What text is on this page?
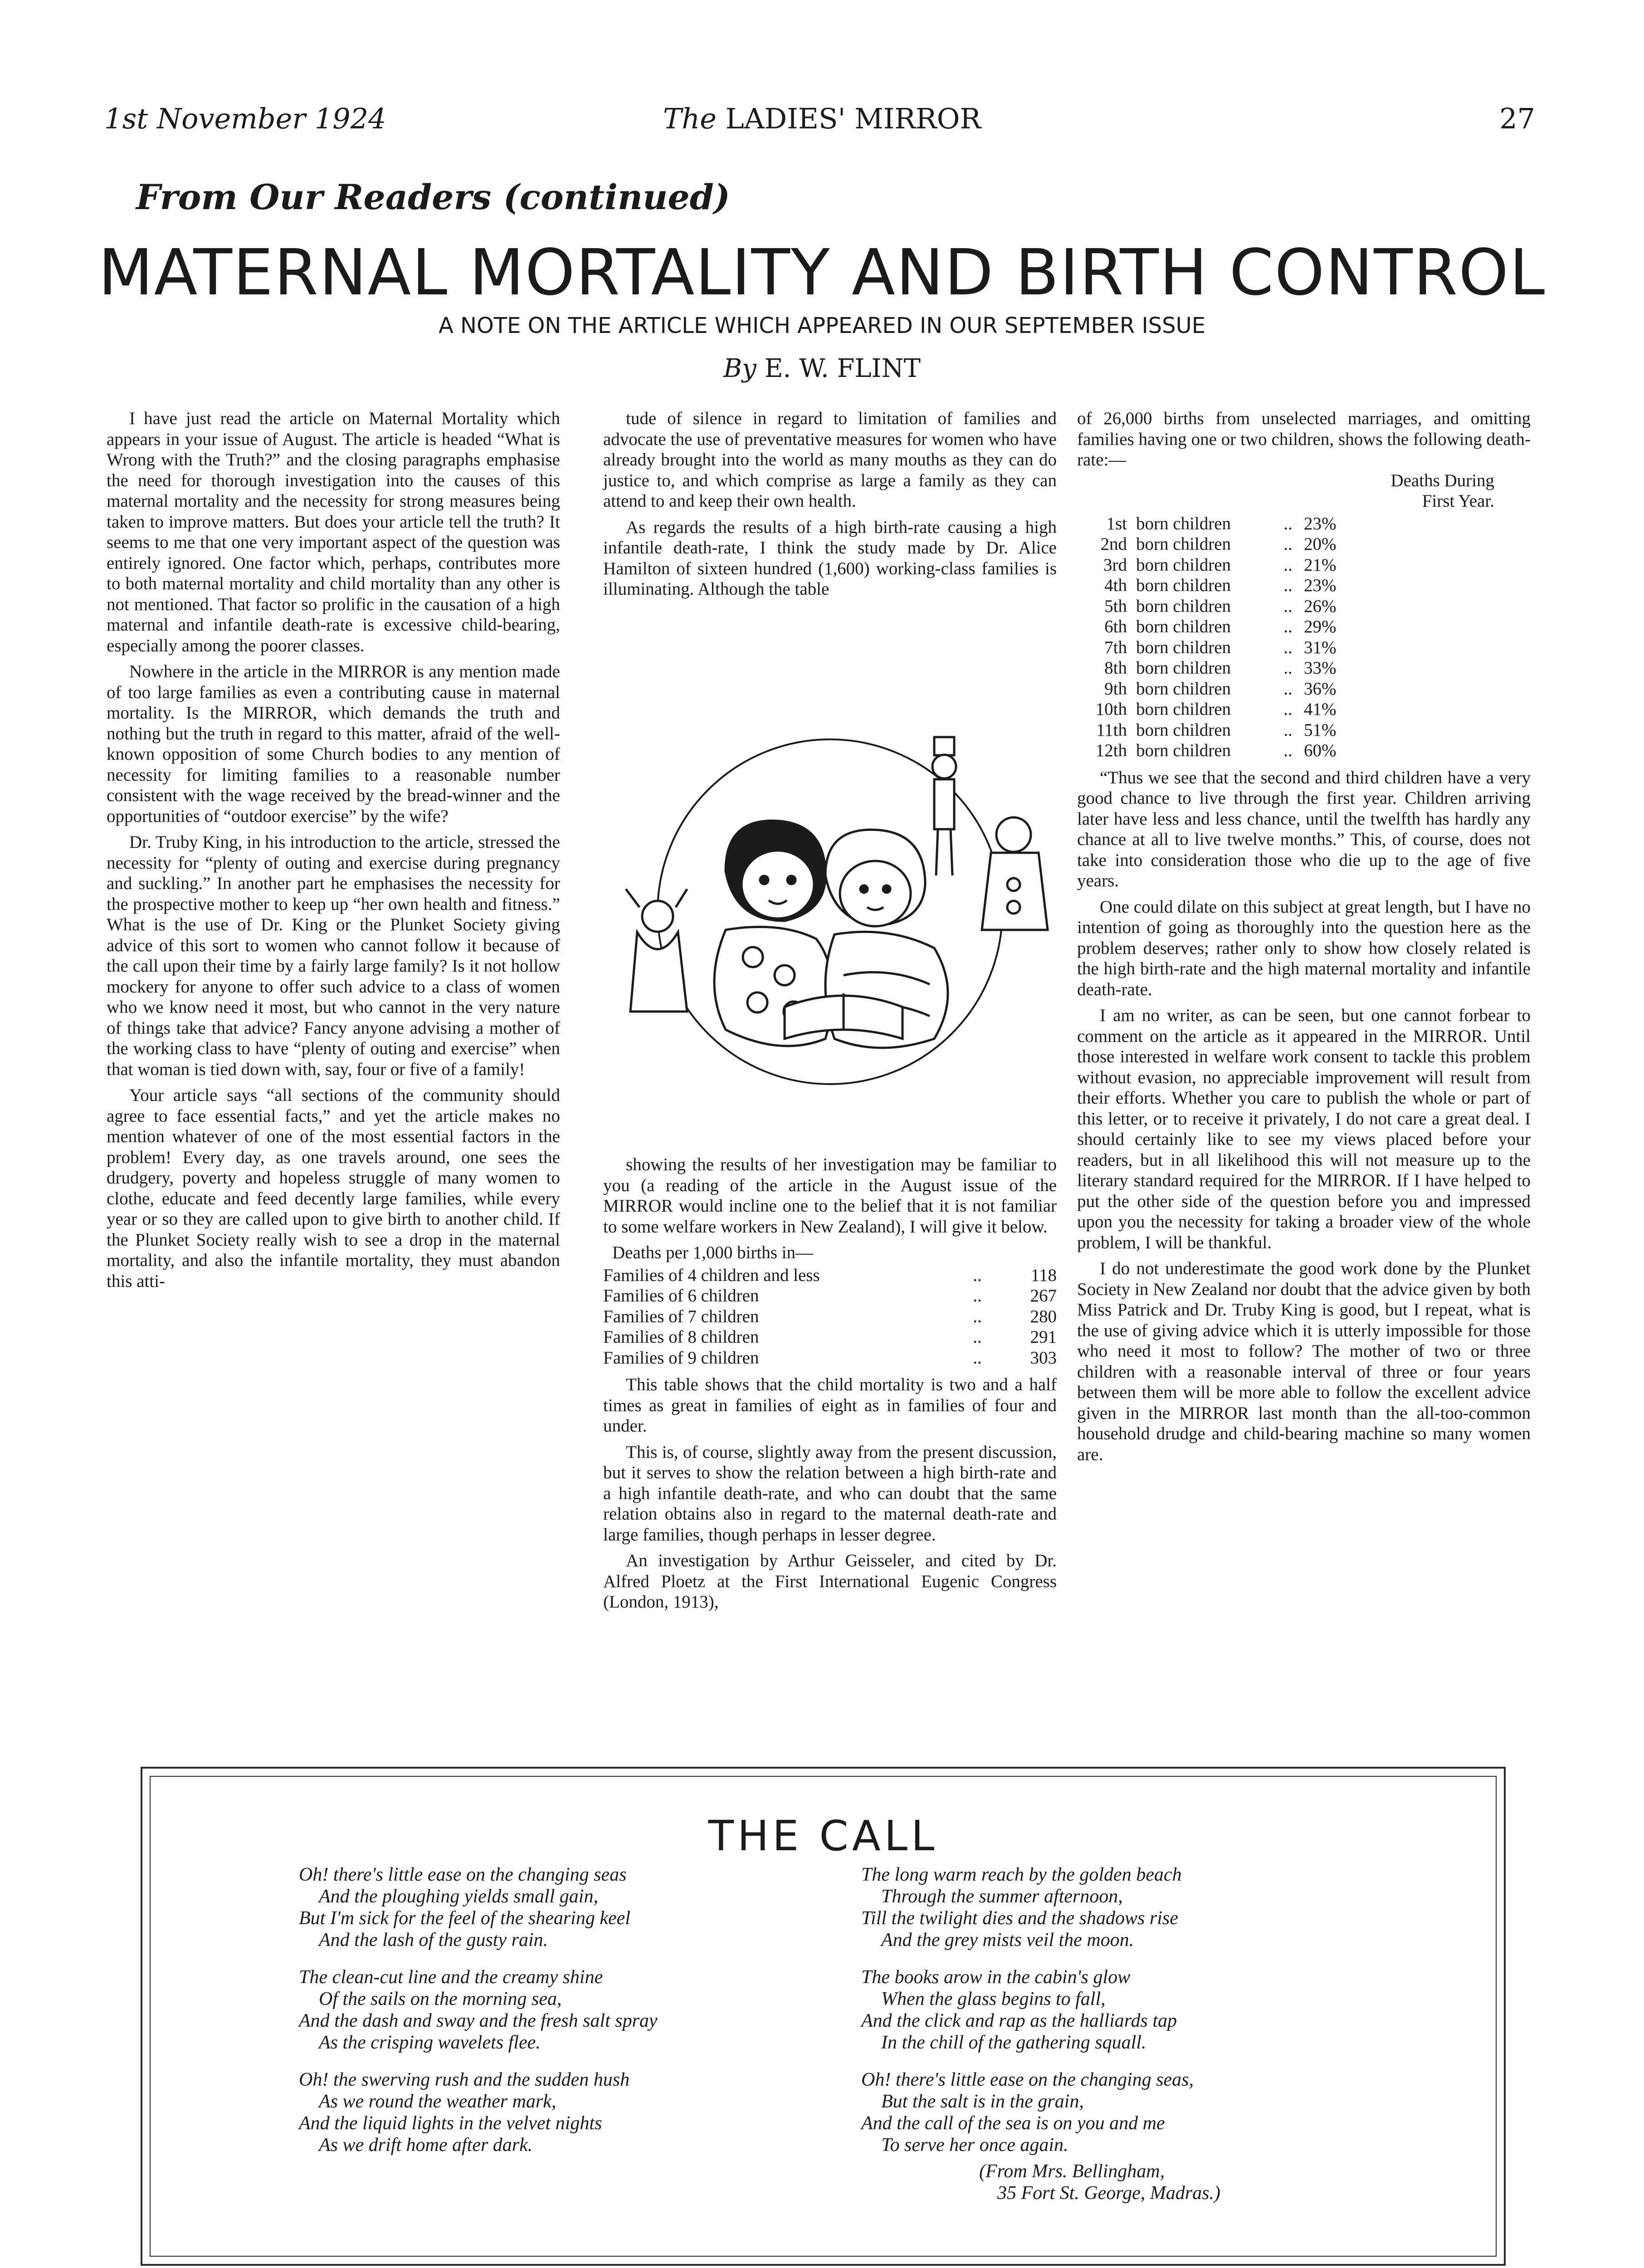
1st November 1924	The LADIES' MIRROR	27
From Our Readers (continued)
MATERNAL MORTALITY AND BIRTH CONTROL
A NOTE ON THE ARTICLE WHICH APPEARED IN OUR SEPTEMBER ISSUE
By E. W. FLINT

I have just read the article on Maternal Mortality which appears in your issue of August. The article is headed “What is Wrong with the Truth?” and the closing paragraphs emphasise the need for thorough investigation into the causes of this maternal mortality and the necessity for strong measures being taken to improve matters. But does your article tell the truth? It seems to me that one very important aspect of the question was entirely ignored. One factor which, perhaps, contributes more to both maternal mortality and child mortality than any other is not mentioned. That factor so prolific in the causation of a high maternal and infantile death-rate is excessive child-bearing, especially among the poorer classes.

Nowhere in the article in the MIRROR is any mention made of too large families as even a contributing cause in maternal mortality. Is the MIRROR, which demands the truth and nothing but the truth in regard to this matter, afraid of the well-known opposition of some Church bodies to any mention of necessity for limiting families to a reasonable number consistent with the wage received by the bread-winner and the opportunities of “outdoor exercise” by the wife?

Dr. Truby King, in his introduction to the article, stressed the necessity for “plenty of outing and exercise during pregnancy and suckling.” In another part he emphasises the necessity for the prospective mother to keep up “her own health and fitness.” What is the use of Dr. King or the Plunket Society giving advice of this sort to women who cannot follow it because of the call upon their time by a fairly large family? Is it not hollow mockery for anyone to offer such advice to a class of women who we know need it most, but who cannot in the very nature of things take that advice? Fancy anyone advising a mother of the working class to have “plenty of outing and exercise” when that woman is tied down with, say, four or five of a family!

Your article says “all sections of the community should agree to face essential facts,” and yet the article makes no mention whatever of one of the most essential factors in the problem! Every day, as one travels around, one sees the drudgery, poverty and hopeless struggle of many women to clothe, educate and feed decently large families, while every year or so they are called upon to give birth to another child. If the Plunket Society really wish to see a drop in the maternal mortality, and also the infantile mortality, they must abandon this atti-

tude of silence in regard to limitation of families and advocate the use of preventative measures for women who have already brought into the world as many mouths as they can do justice to, and which comprise as large a family as they can attend to and keep their own health.

As regards the results of a high birth-rate causing a high infantile death-rate, I think the study made by Dr. Alice Hamilton of sixteen hundred (1,600) working-class families is illuminating. Although the table

showing the results of her investigation may be familiar to you (a reading of the article in the August issue of the MIRROR would incline one to the belief that it is not familiar to some welfare workers in New Zealand), I will give it below.

Deaths per 1,000 births in—
Families of 4 children and less	..	118
Families of 6 children	..	267
Families of 7 children	..	280
Families of 8 children	..	291
Families of 9 children	..	303

This table shows that the child mortality is two and a half times as great in families of eight as in families of four and under.

This is, of course, slightly away from the present discussion, but it serves to show the relation between a high birth-rate and a high infantile death-rate, and who can doubt that the same relation obtains also in regard to the maternal death-rate and large families, though perhaps in lesser degree.

An investigation by Arthur Geisseler, and cited by Dr. Alfred Ploetz at the First International Eugenic Congress (London, 1913),

of 26,000 births from unselected marriages, and omitting families having one or two children, shows the following death-rate:—

Deaths During
First Year.
1st	born children	..	23%	
2nd	born children	..	20%	
3rd	born children	..	21%	
4th	born children	..	23%	
5th	born children	..	26%	
6th	born children	..	29%	
7th	born children	..	31%	
8th	born children	..	33%	
9th	born children	..	36%	
10th	born children	..	41%	
11th	born children	..	51%	
12th	born children	..	60%	

“Thus we see that the second and third children have a very good chance to live through the first year. Children arriving later have less and less chance, until the twelfth has hardly any chance at all to live twelve months.” This, of course, does not take into consideration those who die up to the age of five years.

One could dilate on this subject at great length, but I have no intention of going as thoroughly into the question here as the problem deserves; rather only to show how closely related is the high birth-rate and the high maternal mortality and infantile death-rate.

I am no writer, as can be seen, but one cannot forbear to comment on the article as it appeared in the MIRROR. Until those interested in welfare work consent to tackle this problem without evasion, no appreciable improvement will result from their efforts. Whether you care to publish the whole or part of this letter, or to receive it privately, I do not care a great deal. I should certainly like to see my views placed before your readers, but in all likelihood this will not measure up to the literary standard required for the MIRROR. If I have helped to put the other side of the question before you and impressed upon you the necessity for taking a broader view of the whole problem, I will be thankful.

I do not underestimate the good work done by the Plunket Society in New Zealand nor doubt that the advice given by both Miss Patrick and Dr. Truby King is good, but I repeat, what is the use of giving advice which it is utterly impossible for those who need it most to follow? The mother of two or three children with a reasonable interval of three or four years between them will be more able to follow the excellent advice given in the MIRROR last month than the all-too-common household drudge and child-bearing machine so many women are.

THE CALL
Oh! there's little ease on the changing seas
And the ploughing yields small gain,
But I'm sick for the feel of the shearing keel
And the lash of the gusty rain.
The clean-cut line and the creamy shine
Of the sails on the morning sea,
And the dash and sway and the fresh salt spray
As the crisping wavelets flee.
Oh! the swerving rush and the sudden hush
As we round the weather mark,
And the liquid lights in the velvet nights
As we drift home after dark.
The long warm reach by the golden beach
Through the summer afternoon,
Till the twilight dies and the shadows rise
And the grey mists veil the moon.
The books arow in the cabin's glow
When the glass begins to fall,
And the click and rap as the halliards tap
In the chill of the gathering squall.
Oh! there's little ease on the changing seas,
But the salt is in the grain,
And the call of the sea is on you and me
To serve her once again.
(From Mrs. Bellingham,
35 Fort St. George, Madras.)
